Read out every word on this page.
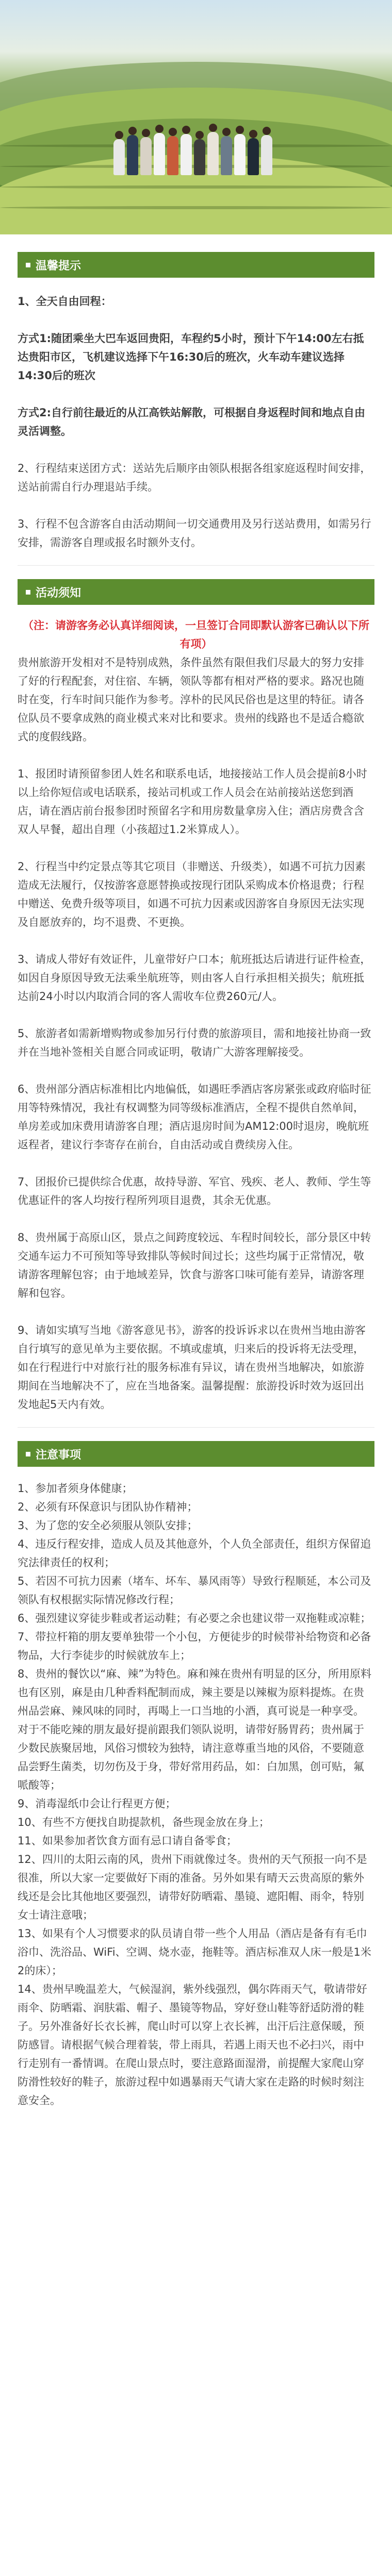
温馨提示

1、全天自由回程：

方式1:随团乘坐大巴车返回贵阳，车程约5小时，预计下午14:00左右抵达贵阳市区，飞机建议选择下午16:30后的班次，火车动车建议选择14:30后的班次

方式2:自行前往最近的从江高铁站解散，可根据自身返程时间和地点自由灵活调整。

2、行程结束送团方式：送站先后顺序由领队根据各组家庭返程时间安排，送站前需自行办理退站手续。

3、行程不包含游客自由活动期间一切交通费用及另行送站费用，如需另行安排，需游客自理或报名时额外支付。

活动须知

（注：请游客务必认真详细阅读，一旦签订合同即默认游客已确认以下所有项）

贵州旅游开发相对不是特别成熟，条件虽然有限但我们尽最大的努力安排了好的行程配套，对住宿、车辆，领队等都有相对严格的要求。路况也随时在变，行车时间只能作为参考。淳朴的民风民俗也是这里的特征。请各位队员不要拿成熟的商业模式来对比和要求。贵州的线路也不是适合瘾欲式的度假线路。

1、报团时请预留参团人姓名和联系电话，地接接站工作人员会提前8小时以上给你短信或电话联系，接站司机或工作人员会在站前接站送您到酒店，请在酒店前台报参团时预留名字和用房数量拿房入住；酒店房费含含双人早餐，超出自理（小孩超过1.2米算成人）。

2、行程当中约定景点等其它项目（非赠送、升级类），如遇不可抗力因素造成无法履行，仅按游客意愿替换或按现行团队采购成本价格退费；行程中赠送、免费升级等项目，如遇不可抗力因素或因游客自身原因无法实现及自愿放弃的，均不退费、不更换。

3、请成人带好有效证件，儿童带好户口本；航班抵达后请进行证件检查，如因自身原因导致无法乘坐航班等，则由客人自行承担相关损失；航班抵达前24小时以内取消合同的客人需收车位费260元/人。

5、旅游者如需新增购物或参加另行付费的旅游项目，需和地接社协商一致并在当地补签相关自愿合同或证明，敬请广大游客理解接受。

6、贵州部分酒店标准相比内地偏低，如遇旺季酒店客房紧张或政府临时征用等特殊情况，我社有权调整为同等级标准酒店，全程不提供自然单间，单房差或加床费用请游客自理；酒店退房时间为AM12:00时退房，晚航班返程者，建议行李寄存在前台，自由活动或自费续房入住。

7、团报价已提供综合优惠，故持导游、军官、残疾、老人、教师、学生等优惠证件的客人均按行程所列项目退费，其余无优惠。

8、贵州属于高原山区，景点之间跨度较远、车程时间较长，部分景区中转交通车运力不可预知等导致排队等候时间过长；这些均属于正常情况，敬请游客理解包容；由于地域差异，饮食与游客口味可能有差异，请游客理解和包容。

9、请如实填写当地《游客意见书》，游客的投诉诉求以在贵州当地由游客自行填写的意见单为主要依据。不填或虚填，归来后的投诉将无法受理，如在行程进行中对旅行社的服务标准有异议，请在贵州当地解决，如旅游期间在当地解决不了，应在当地备案。温馨提醒：旅游投诉时效为返回出发地起5天内有效。

注意事项

1、参加者须身体健康；

2、必须有环保意识与团队协作精神；

3、为了您的安全必须服从领队安排；

4、违反行程安排，造成人员及其他意外，个人负全部责任，组织方保留追究法律责任的权利；

5、若因不可抗力因素（堵车、坏车、暴风雨等）导致行程顺延，本公司及领队有权根据实际情况修改行程；

6、强烈建议穿徒步鞋或者运动鞋；有必要之余也建议带一双拖鞋或凉鞋；

7、带拉杆箱的朋友要单独带一个小包，方便徒步的时候带补给物资和必备物品，大行李徒步的时候就放车上；

8、贵州的餐饮以“麻、辣”为特色。麻和辣在贵州有明显的区分，所用原料也有区别，麻是由几种香料配制而成，辣主要是以辣椒为原料提炼。在贵州品尝麻、辣风味的同时，再喝上一口当地的小酒，真可说是一种享受。对于不能吃辣的朋友最好提前跟我们领队说明，请带好肠胃药；贵州属于少数民族聚居地，风俗习惯较为独特，请注意尊重当地的风俗，不要随意品尝野生菌类，切勿伤及于身，带好常用药品，如：白加黑，创可贴，氟哌酸等；

9、消毒湿纸巾会让行程更方便；

10、有些不方便找自助提款机，备些现金放在身上；

11、如果参加者饮食方面有忌口请自备零食；

12、四川的太阳云南的风，贵州下雨就像过冬。贵州的天气预报一向不是很准，所以大家一定要做好下雨的准备。另外如果有晴天云贵高原的紫外线还是会比其他地区要强烈，请带好防晒霜、墨镜、遮阳帽、雨伞，特别女士请注意哦；

13、如果有个人习惯要求的队员请自带一些个人用品（酒店是备有有毛巾浴巾、洗浴品、WiFi、空调、烧水壶，拖鞋等。酒店标准双人床一般是1米2的床）；

14、贵州早晚温差大，气候湿润，紫外线强烈，偶尔阵雨天气，敬请带好雨伞、防晒霜、润肤霜、帽子、墨镜等物品，穿好登山鞋等舒适防滑的鞋子。另外准备好长衣长裤，爬山时可以穿上衣长裤，出汗后注意保暖，预防感冒。请根据气候合理着装，带上雨具，若遇上雨天也不必扫兴，雨中行走别有一番情调。在爬山景点时，要注意路面湿滑，前提醒大家爬山穿防滑性较好的鞋子，旅游过程中如遇暴雨天气请大家在走路的时候时刻注意安全。
